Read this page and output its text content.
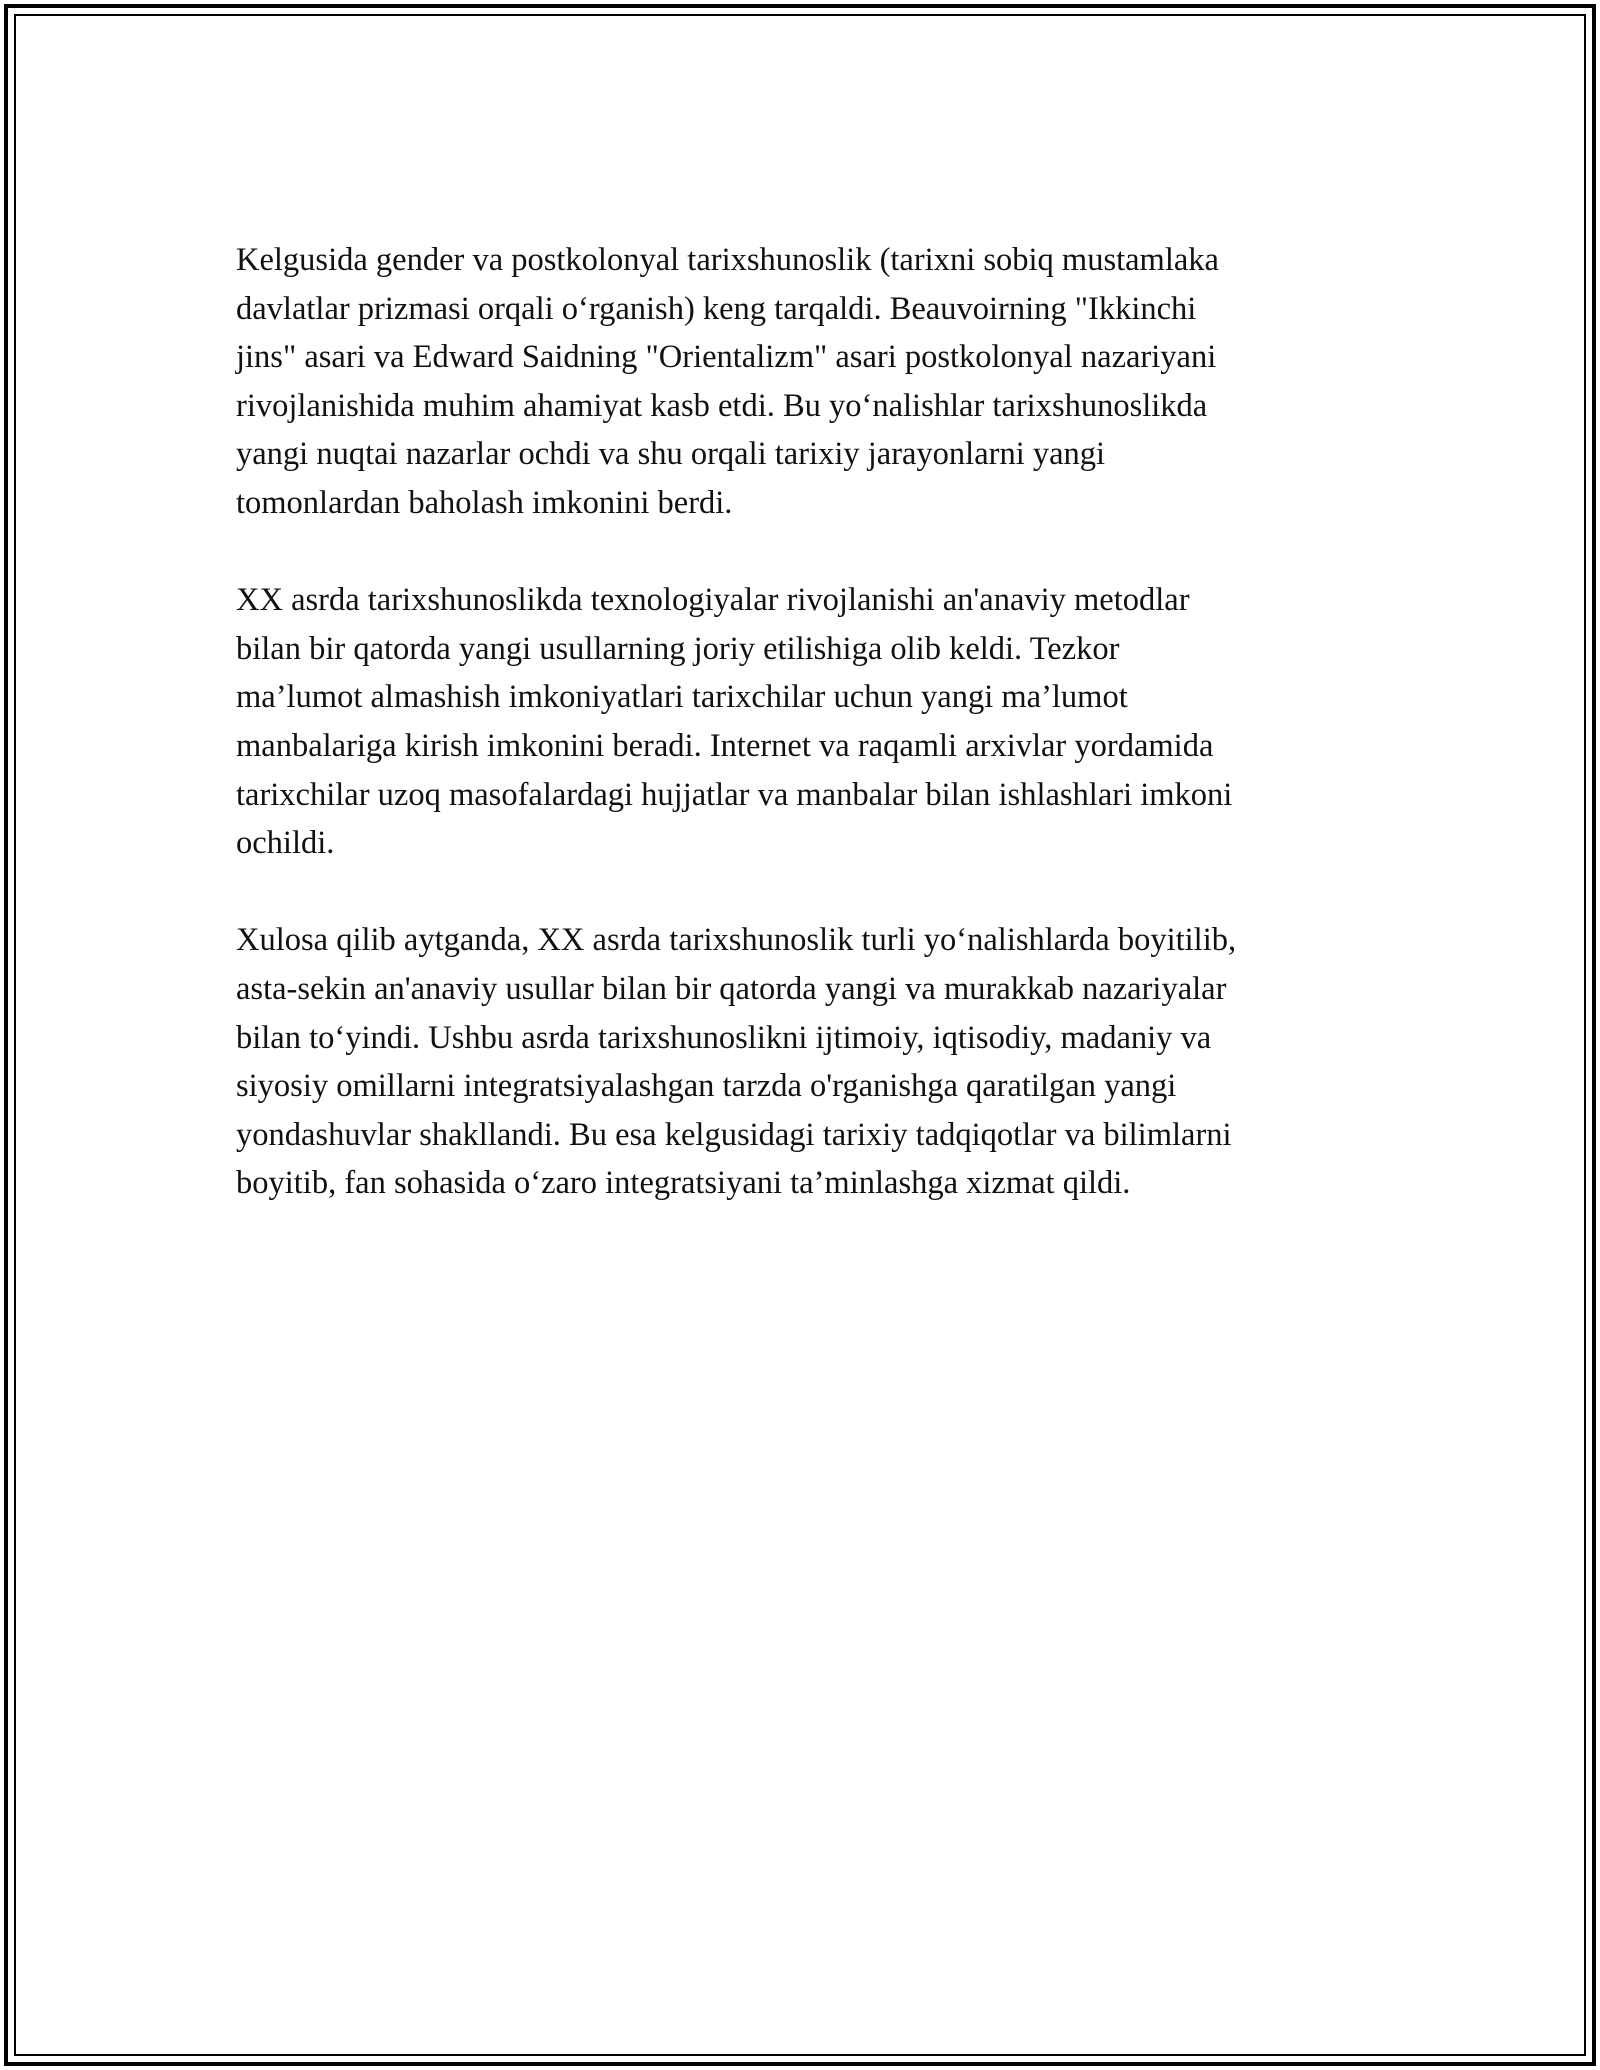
Kelgusida gender va postkolonyal tarixshunoslik (tarixni sobiq mustamlaka
davlatlar prizmasi orqali o‘rganish) keng tarqaldi. Beauvoirning "Ikkinchi
jins" asari va Edward Saidning "Orientalizm" asari postkolonyal nazariyani
rivojlanishida muhim ahamiyat kasb etdi. Bu yo‘nalishlar tarixshunoslikda
yangi nuqtai nazarlar ochdi va shu orqali tarixiy jarayonlarni yangi
tomonlardan baholash imkonini berdi.

XX asrda tarixshunoslikda texnologiyalar rivojlanishi an'anaviy metodlar
bilan bir qatorda yangi usullarning joriy etilishiga olib keldi. Tezkor
ma’lumot almashish imkoniyatlari tarixchilar uchun yangi ma’lumot
manbalariga kirish imkonini beradi. Internet va raqamli arxivlar yordamida
tarixchilar uzoq masofalardagi hujjatlar va manbalar bilan ishlashlari imkoni
ochildi.

Xulosa qilib aytganda, XX asrda tarixshunoslik turli yo‘nalishlarda boyitilib,
asta-sekin an'anaviy usullar bilan bir qatorda yangi va murakkab nazariyalar
bilan to‘yindi. Ushbu asrda tarixshunoslikni ijtimoiy, iqtisodiy, madaniy va
siyosiy omillarni integratsiyalashgan tarzda o'rganishga qaratilgan yangi
yondashuvlar shakllandi. Bu esa kelgusidagi tarixiy tadqiqotlar va bilimlarni
boyitib, fan sohasida o‘zaro integratsiyani ta’minlashga xizmat qildi.
